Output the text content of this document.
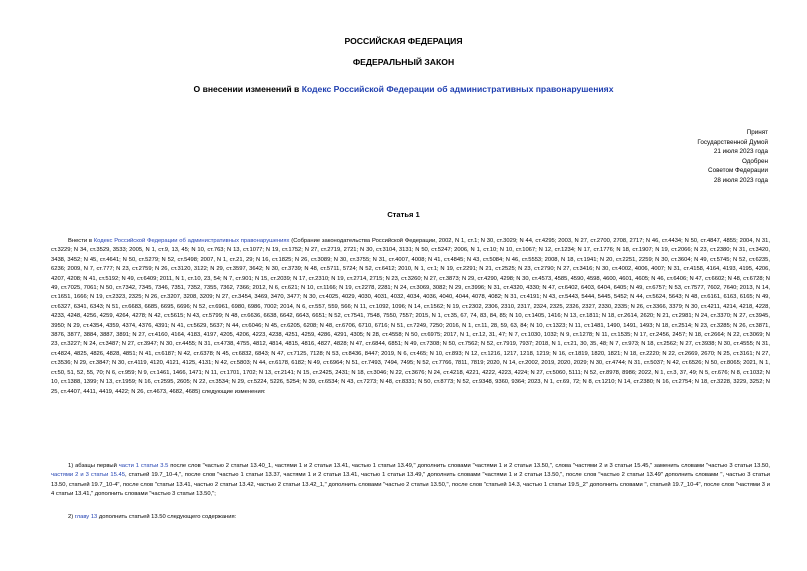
РОССИЙСКАЯ ФЕДЕРАЦИЯ
ФЕДЕРАЛЬНЫЙ ЗАКОН
О внесении изменений в Кодекс Российской Федерации об административных правонарушениях
Принят
Государственной Думой
21 июля 2023 года
Одобрен
Советом Федерации
28 июля 2023 года
Статья 1
Внести в Кодекс Российской Федерации об административных правонарушениях (Собрание законодательства Российской Федерации, 2002, N 1, ст.1; N 30, ст.3029; N 44, ст.4295; 2003, N 27, ст.2700, 2708, 2717; N 46, ст.4434; N 50, ст.4847, 4855; 2004, N 31, ст.3229; N 34, ст.3529, 3533; 2005, N 1, ст.9, 13, 45; N 10, ст.763; N 13, ст.1077; N 19, ст.1752; N 27, ст.2719, 2721; N 30, ст.3104, 3131; N 50, ст.5247; 2006, N 1, ст.10; N 10, ст.1067; N 12, ст.1234; N 17, ст.1776; N 18, ст.1907; N 19, ст.2066; N 23, ст.2380; N 31, ст.3420, 3438, 3452; N 45, ст.4641; N 50, ст.5279; N 52, ст.5498; 2007, N 1, ст.21, 29; N 16, ст.1825; N 26, ст.3089; N 30, ст.3755; N 31, ст.4007, 4008; N 41, ст.4845; N 43, ст.5084; N 46, ст.5553; 2008, N 18, ст.1941; N 20, ст.2251, 2259; N 30, ст.3604; N 49, ст.5745; N 52, ст.6235, 6236; 2009, N 7, ст.777; N 23, ст.2759; N 26, ст.3120, 3122; N 29, ст.3597, 3642; N 30, ст.3739; N 48, ст.5711, 5724; N 52, ст.6412; 2010, N 1, ст.1; N 19, ст.2291; N 21, ст.2525; N 23, ст.2790; N 27, ст.3416; N 30, ст.4002, 4006, 4007; N 31, ст.4158, 4164, 4193, 4195, 4206, 4207, 4208; N 41, ст.5192; N 49, ст.6409; 2011, N 1, ст.10, 23, 54; N 7, ст.901; N 15, ст.2039; N 17, ст.2310; N 19, ст.2714, 2715; N 23, ст.3260; N 27, ст.3873; N 29, ст.4290, 4298; N 30, ст.4573, 4585, 4590, 4598, 4600, 4601, 4605; N 46, ст.6406; N 47, ст.6602; N 48, ст.6728; N 49, ст.7025, 7061; N 50, ст.7342, 7345, 7346, 7351, 7352, 7355, 7362, 7366; 2012, N 6, ст.621; N 10, ст.1166; N 19, ст.2278, 2281; N 24, ст.3069, 3082; N 29, ст.3996; N 31, ст.4320, 4330; N 47, ст.6402, 6403, 6404, 6405; N 49, ст.6757; N 53, ст.7577, 7602, 7640; 2013, N 14, ст.1651, 1666; N 19, ст.2323, 2325; N 26, ст.3207, 3208, 3209; N 27, ст.3454, 3469, 3470, 3477; N 30, ст.4025, 4029, 4030, 4031, 4032, 4034, 4036, 4040, 4044, 4078, 4082; N 31, ст.4191; N 43, ст.5443, 5444, 5445, 5452; N 44, ст.5624, 5643; N 48, ст.6161, 6163, 6165; N 49, ст.6327, 6341, 6343; N 51, ст.6683, 6685, 6695, 6696; N 52, ст.6961, 6980, 6986, 7002; 2014, N 6, ст.557, 559, 566; N 11, ст.1092, 1096; N 14, ст.1562; N 19, ст.2302, 2306, 2310, 2317, 2324, 2325, 2326, 2327, 2330, 2335; N 26, ст.3366, 3379; N 30, ст.4211, 4214, 4218, 4228, 4233, 4248, 4256, 4259, 4264, 4278; N 42, ст.5615; N 43, ст.5799; N 48, ст.6636, 6638, 6642, 6643, 6651; N 52, ст.7541, 7548, 7550, 7557; 2015, N 1, ст.35, 67, 74, 83, 84, 85; N 10, ст.1405, 1416; N 13, ст.1811; N 18, ст.2614, 2620; N 21, ст.2981; N 24, ст.3370; N 27, ст.3945, 3950; N 29, ст.4354, 4359, 4374, 4376, 4391; N 41, ст.5629, 5637; N 44, ст.6046; N 45, ст.6205, 6208; N 48, ст.6706, 6710, 6716; N 51, ст.7249, 7250; 2016, N 1, ст.11, 28, 59, 63, 84; N 10, ст.1323; N 11, ст.1481, 1490, 1491, 1493; N 18, ст.2514; N 23, ст.3285; N 26, ст.3871, 3876, 3877, 3884, 3887, 3891; N 27, ст.4160, 4164, 4183, 4197, 4205, 4206, 4223, 4238, 4251, 4259, 4286, 4291, 4305; N 28, ст.4558; N 50, ст.6975; 2017, N 1, ст.12, 31, 47; N 7, ст.1030, 1032; N 9, ст.1278; N 11, ст.1535; N 17, ст.2456, 2457; N 18, ст.2664; N 22, ст.3069; N 23, ст.3227; N 24, ст.3487; N 27, ст.3947; N 30, ст.4455; N 31, ст.4738, 4755, 4812, 4814, 4815, 4816, 4827, 4828; N 47, ст.6844, 6851; N 49, ст.7308; N 50, ст.7562; N 52, ст.7919, 7937; 2018, N 1, ст.21, 30, 35, 48; N 7, ст.973; N 18, ст.2562; N 27, ст.3938; N 30, ст.4555; N 31, ст.4824, 4825, 4826, 4828, 4851; N 41, ст.6187; N 42, ст.6378; N 45, ст.6832, 6843; N 47, ст.7125, 7128; N 53, ст.8436, 8447; 2019, N 6, ст.465; N 10, ст.893; N 12, ст.1216, 1217, 1218, 1219; N 16, ст.1819, 1820, 1821; N 18, ст.2220; N 22, ст.2669, 2670; N 25, ст.3161; N 27, ст.3536; N 29, ст.3847; N 30, ст.4119, 4120, 4121, 4125, 4131; N 42, ст.5803; N 44, ст.6178, 6182; N 49, ст.6964; N 51, ст.7493, 7494, 7495; N 52, ст.7766, 7811, 7819; 2020, N 14, ст.2002, 2019, 2020, 2029; N 30, ст.4744; N 31, ст.5037; N 42, ст.6526; N 50, ст.8065; 2021, N 1, ст.50, 51, 52, 55, 70; N 6, ст.959; N 9, ст.1461, 1466, 1471; N 11, ст.1701, 1702; N 13, ст.2141; N 15, ст.2425, 2431; N 18, ст.3046; N 22, ст.3676; N 24, ст.4218, 4221, 4222, 4223, 4224; N 27, ст.5060, 5111; N 52, ст.8978, 8986; 2022, N 1, ст.3, 37, 49; N 5, ст.676; N 8, ст.1032; N 10, ст.1388, 1399; N 13, ст.1959; N 16, ст.2595, 2605; N 22, ст.3534; N 29, ст.5224, 5226, 5254; N 39, ст.6534; N 43, ст.7273; N 48, ст.8331; N 50, ст.8773; N 52, ст.9348, 9360, 9364; 2023, N 1, ст.69, 72; N 8, ст.1210; N 14, ст.2380; N 16, ст.2754; N 18, ст.3228, 3229, 3252; N 25, ст.4407, 4411, 4419, 4422; N 26, ст.4673, 4682, 4685) следующие изменения:
1) абзацы первый части 1 статьи 3.5 после слов "частью 2 статьи 13.40_1, частями 1 и 2 статьи 13.41, частью 1 статьи 13.49," дополнить словами "частями 1 и 2 статьи 13.50,", слова "частями 2 и 3 статьи 15.45," заменить словами "частью 3 статьи 13.50, частями 2 и 3 статьи 15.45, статьей 19.7_10-4,", после слов "частью 1 статьи 13.37, частями 1 и 2 статьи 13.41, частью 1 статьи 13.49," дополнить словами "частями 1 и 2 статьи 13.50,", после слов "частью 2 статьи 13.49" дополнить словами ", частью 3 статьи 13.50, статьей 19.7_10-4", после слов "статьи 13.41, частью 2 статьи 13.42, частью 2 статьи 13.42_1," дополнить словами "частью 2 статьи 13.50,", после слов "статьей 14.3, частью 1 статьи 19.5_2" дополнить словами ", статьей 19.7_10-4", после слов "частями 3 и 4 статьи 13.41," дополнить словами "частью 3 статьи 13.50,";
2) главу 13 дополнить статьей 13.50 следующего содержания:
